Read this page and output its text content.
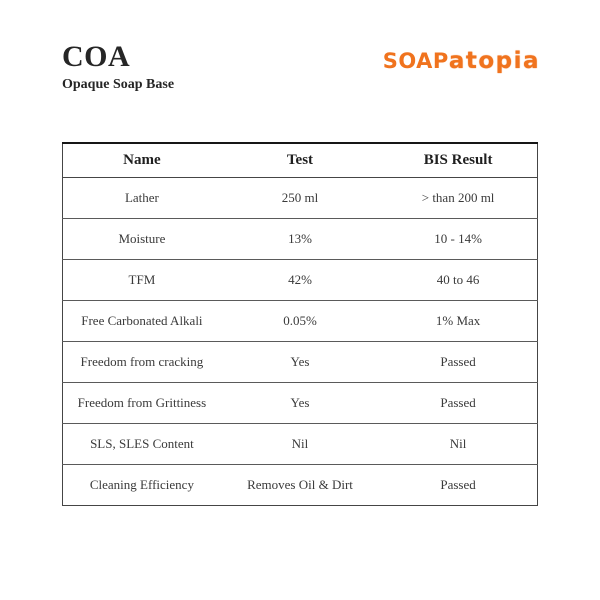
COA
Opaque Soap Base
SOAPatopia
Name	Test	BIS Result
Lather	250 ml	> than 200 ml
Moisture	13%	10 - 14%
TFM	42%	40 to 46
Free Carbonated Alkali	0.05%	1% Max
Freedom from cracking	Yes	Passed
Freedom from Grittiness	Yes	Passed
SLS, SLES Content	Nil	Nil
Cleaning Efficiency	Removes Oil & Dirt	Passed
